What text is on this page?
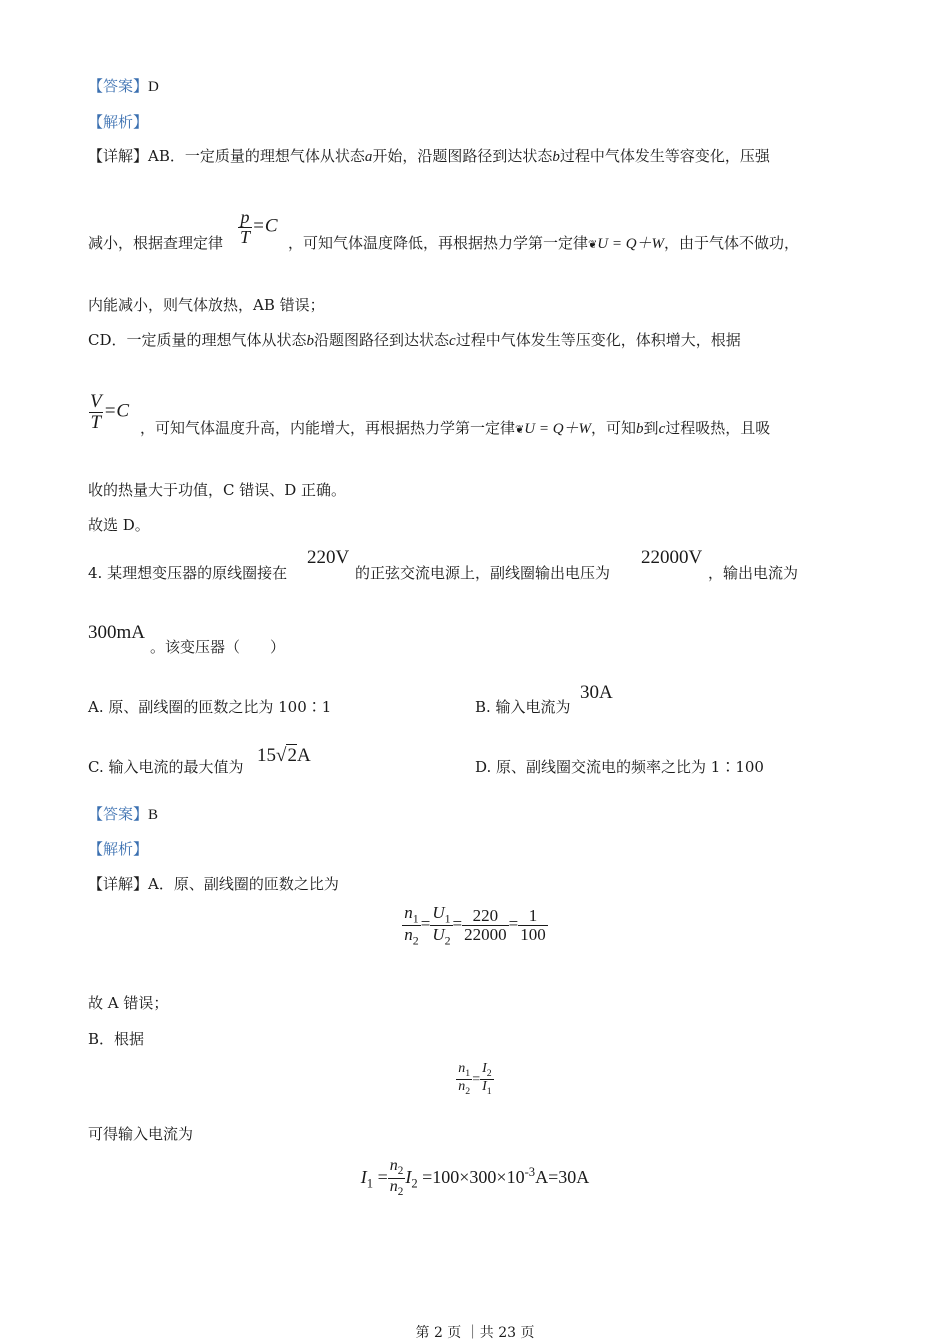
【答案】D
【解析】
【详解】AB．一定质量的理想气体从状态a开始，沿题图路径到达状态b过程中气体发生等容变化，压强
减小，根据查理定律 $\frac{p}{T} =C$
，可知气体温度降低，再根据热力学第一定律❦U = Q＋W，由于气体不做功，
内能减小，则气体放热，AB 错误；
CD．一定质量的理想气体从状态b沿题图路径到达状态c过程中气体发生等压变化，体积增大，根据
$\frac{V}{T} =C$
，可知气体温度升高，内能增大，再根据热力学第一定律❦U = Q＋W，可知b到c过程吸热，且吸
收的热量大于功值，C 错误、D 正确。
故选 D。
4. 某理想变压器的原线圈接在
220V
的正弦交流电源上，副线圈输出电压为
22000V
，输出电流为
300mA
。该变压器（　　）
A. 原、副线圈的匝数之比为 100∶1	B. 输入电流为
30A
C. 输入电流的最大值为
15√2A
D. 原、副线圈交流电的频率之比为 1∶100
【答案】B
【解析】
【详解】A．原、副线圈的匝数之比为
$\frac{n_1}{n_2} = \frac{U_1}{U_2} = \frac{220}{22000} = \frac{1}{100}$
故 A 错误；
B．根据
$\frac{n_1}{n_2} = \frac{I_2}{I_1}$
可得输入电流为
$I_1 = \frac{n_2}{n_2} I_2 =100\times 300\times 10^{-3}A=30A$
第 2 页 ｜共 23 页
